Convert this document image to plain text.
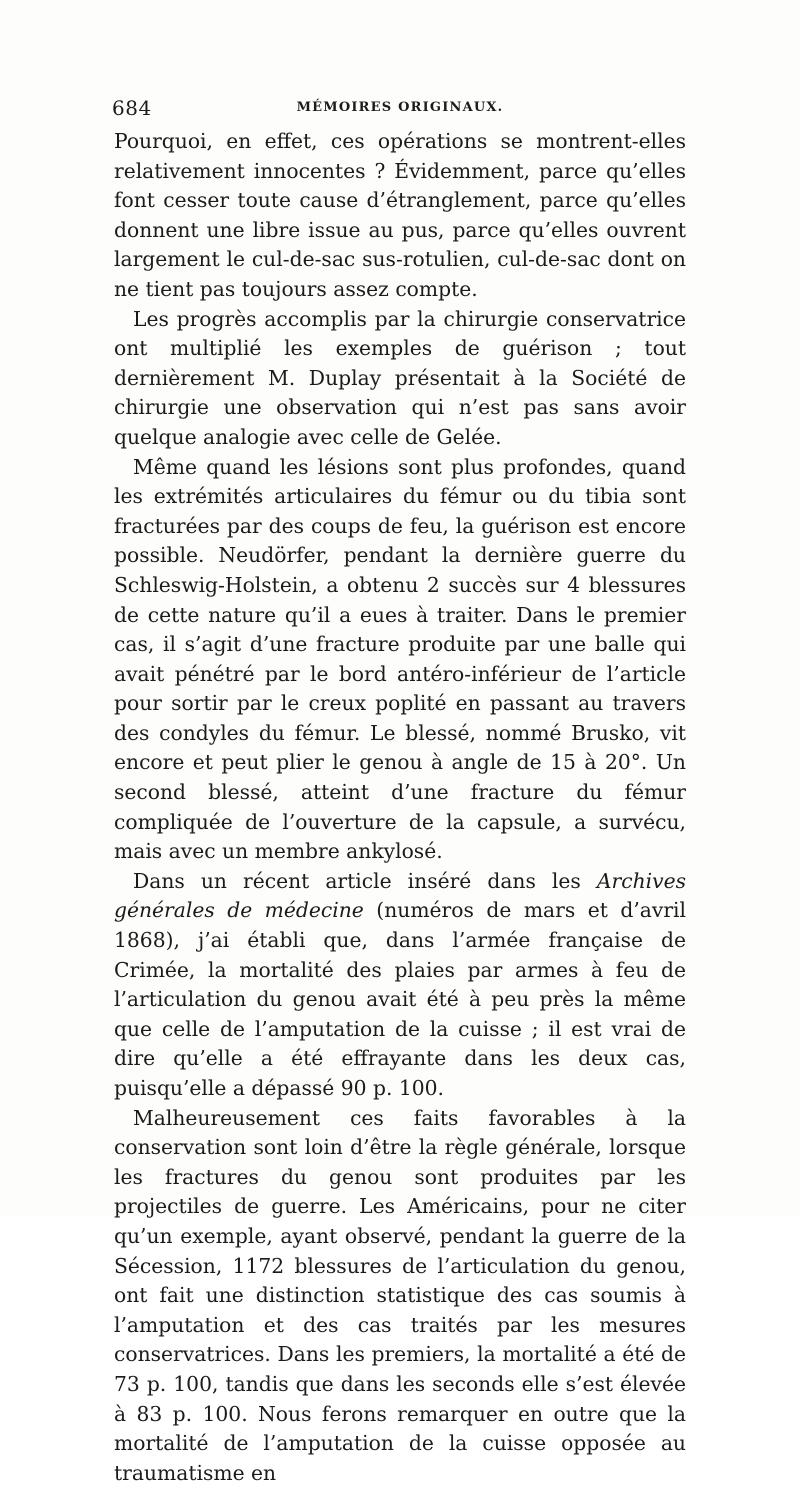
684	MÉMOIRES ORIGINAUX.

Pourquoi, en effet, ces opérations se montrent-elles relativement innocentes ? Évidemment, parce qu’elles font cesser toute cause d’étranglement, parce qu’elles donnent une libre issue au pus, parce qu’elles ouvrent largement le cul-de-sac sus-rotulien, cul-de-sac dont on ne tient pas toujours assez compte.

Les progrès accomplis par la chirurgie conservatrice ont multiplié les exemples de guérison ; tout dernièrement M. Duplay présentait à la Société de chirurgie une observation qui n’est pas sans avoir quelque analogie avec celle de Gelée.

Même quand les lésions sont plus profondes, quand les extrémités articulaires du fémur ou du tibia sont fracturées par des coups de feu, la guérison est encore possible. Neudörfer, pendant la dernière guerre du Schleswig-Holstein, a obtenu 2 succès sur 4 blessures de cette nature qu’il a eues à traiter. Dans le premier cas, il s’agit d’une fracture produite par une balle qui avait pénétré par le bord antéro-inférieur de l’article pour sortir par le creux poplité en passant au travers des condyles du fémur. Le blessé, nommé Brusko, vit encore et peut plier le genou à angle de 15 à 20°. Un second blessé, atteint d’une fracture du fémur compliquée de l’ouverture de la capsule, a survécu, mais avec un membre ankylosé.

Dans un récent article inséré dans les Archives générales de médecine (numéros de mars et d’avril 1868), j’ai établi que, dans l’armée française de Crimée, la mortalité des plaies par armes à feu de l’articulation du genou avait été à peu près la même que celle de l’amputation de la cuisse ; il est vrai de dire qu’elle a été effrayante dans les deux cas, puisqu’elle a dépassé 90 p. 100.

Malheureusement ces faits favorables à la conservation sont loin d’être la règle générale, lorsque les fractures du genou sont produites par les projectiles de guerre. Les Américains, pour ne citer qu’un exemple, ayant observé, pendant la guerre de la Sécession, 1172 blessures de l’articulation du genou, ont fait une distinction statistique des cas soumis à l’amputation et des cas traités par les mesures conservatrices. Dans les premiers, la mortalité a été de 73 p. 100, tandis que dans les seconds elle s’est élevée à 83 p. 100. Nous ferons remarquer en outre que la mortalité de l’amputation de la cuisse opposée au traumatisme en
